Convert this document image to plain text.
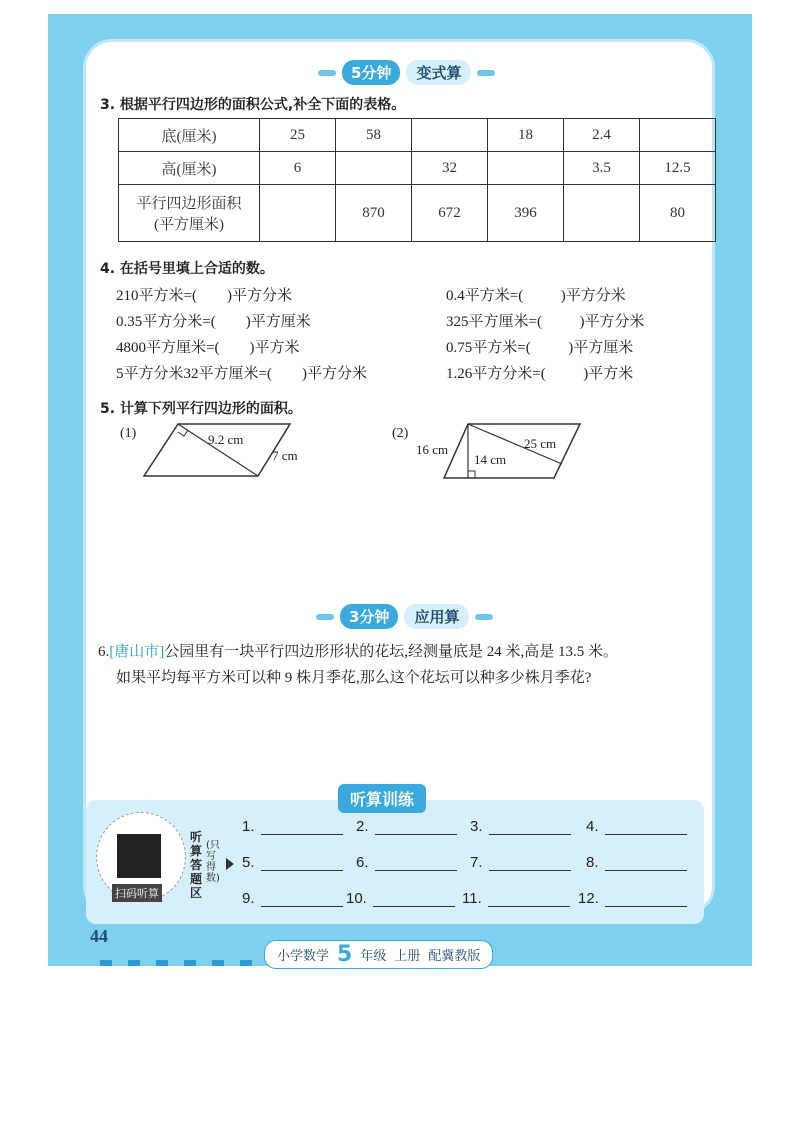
5分钟	变式算
3. 根据平行四边形的面积公式,补全下面的表格。
底(厘米)	25	58		18	2.4	
高(厘米)	6		32		3.5	12.5

平行四边形面积
(平方厘米)		870	672	396		80
4. 在括号里填上合适的数。
210平方米=(        )平方分米
0.35平方分米=(        )平方厘米
4800平方厘米=(        )平方米
5平方分米32平方厘米=(        )平方分米
0.4平方米=(          )平方分米
325平方厘米=(          )平方分米
0.75平方米=(          )平方厘米
1.26平方分米=(          )平方米
5. 计算下列平行四边形的面积。
(1)	9.2 cm
7 cm
(2)
16 cm
14 cm
25 cm
3分钟	应用算
6.[唐山市]公园里有一块平行四边形形状的花坛,经测量底是 24 米,高是 13.5 米。
如果平均每平方米可以种 9 株月季花,那么这个花坛可以种多少株月季花?
听算训练
扫码听算
听算答题区
(只写得数)
1.	2.	3.	4.
5.	6.	7.	8.
9.	10.	11.	12.
44
小学数学 5 年级 上册 配冀教版
